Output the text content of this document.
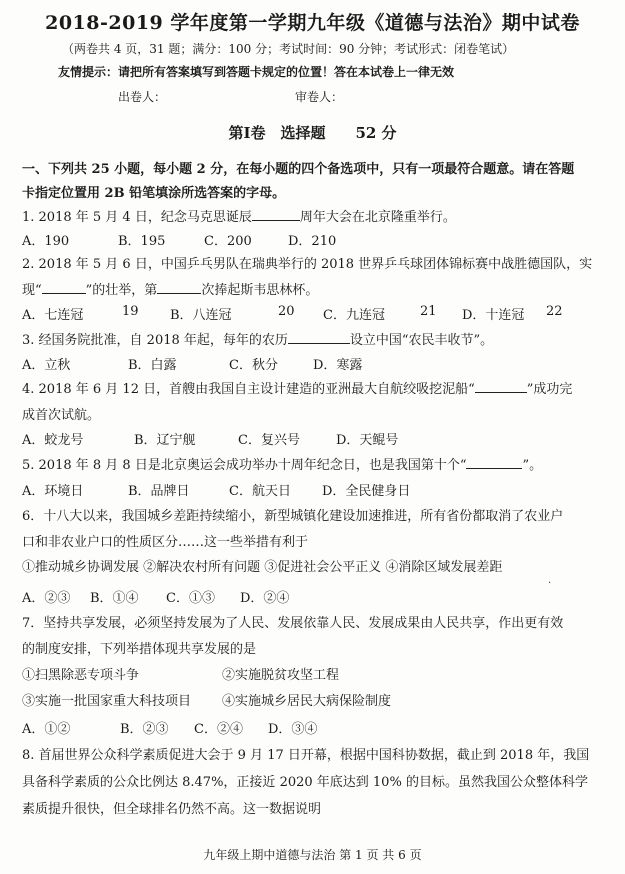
2018-2019 学年度第一学期九年级《道德与法治》期中试卷
（两卷共 4 页，31 题；满分：100 分；考试时间：90 分钟；考试形式：闭卷笔试）
友情提示：请把所有答案填写到答题卡规定的位置！答在本试卷上一律无效
出卷人：	审卷人：
第Ⅰ卷　选择题　　52 分
一、下列共 25 小题，每小题 2 分，在每小题的四个备选项中，只有一项最符合题意。请在答题
卡指定位置用 2B 铅笔填涂所选答案的字母。
1. 2018 年 5 月 4 日，纪念马克思诞辰	周年大会在北京隆重举行。
A．190	B．195	C．200	D．210
2. 2018 年 5 月 6 日，中国乒乓男队在瑞典举行的 2018 世界乒乓球团体锦标赛中战胜德国队，实
现“	”的壮举，第	次捧起斯韦思林杯。
A．七连冠	19 B．八连冠	20 C．九连冠	21 D．十连冠 22
3. 经国务院批准，自 2018 年起，每年的农历	设立中国“农民丰收节”。
A．立秋	B．白露	C．秋分	D．寒露
4. 2018 年 6 月 12 日，首艘由我国自主设计建造的亚洲最大自航绞吸挖泥船“	”成功完
成首次试航。
A．蛟龙号	B．辽宁舰	C．复兴号	D．天鲲号
5. 2018 年 8 月 8 日是北京奥运会成功举办十周年纪念日，也是我国第十个“	”。
A．环境日	B．品牌日	C．航天日 D．全民健身日
6．十八大以来，我国城乡差距持续缩小，新型城镇化建设加速推进，所有省份都取消了农业户
口和非农业户口的性质区分……这一些举措有利于
①推动城乡协调发展 ②解决农村所有问题 ③促进社会公平正义 ④消除区域发展差距
A．②③ B．①④ C．①③ D．②④
7．坚持共享发展，必须坚持发展为了人民、发展依靠人民、发展成果由人民共享，作出更有效
的制度安排，下列举措体现共享发展的是
①扫黑除恶专项斗争	②实施脱贫攻坚工程
③实施一批国家重大科技项目 ④实施城乡居民大病保险制度
A．①②	B．②③ C．②④ D．③④
8. 首届世界公众科学素质促进大会于 9 月 17 日开幕，根据中国科协数据，截止到 2018 年，我国
具备科学素质的公众比例达 8.47%，正接近 2020 年底达到 10% 的目标。虽然我国公众整体科学
素质提升很快，但全球排名仍然不高。这一数据说明
·
九年级上期中道德与法治 第 1 页 共 6 页
